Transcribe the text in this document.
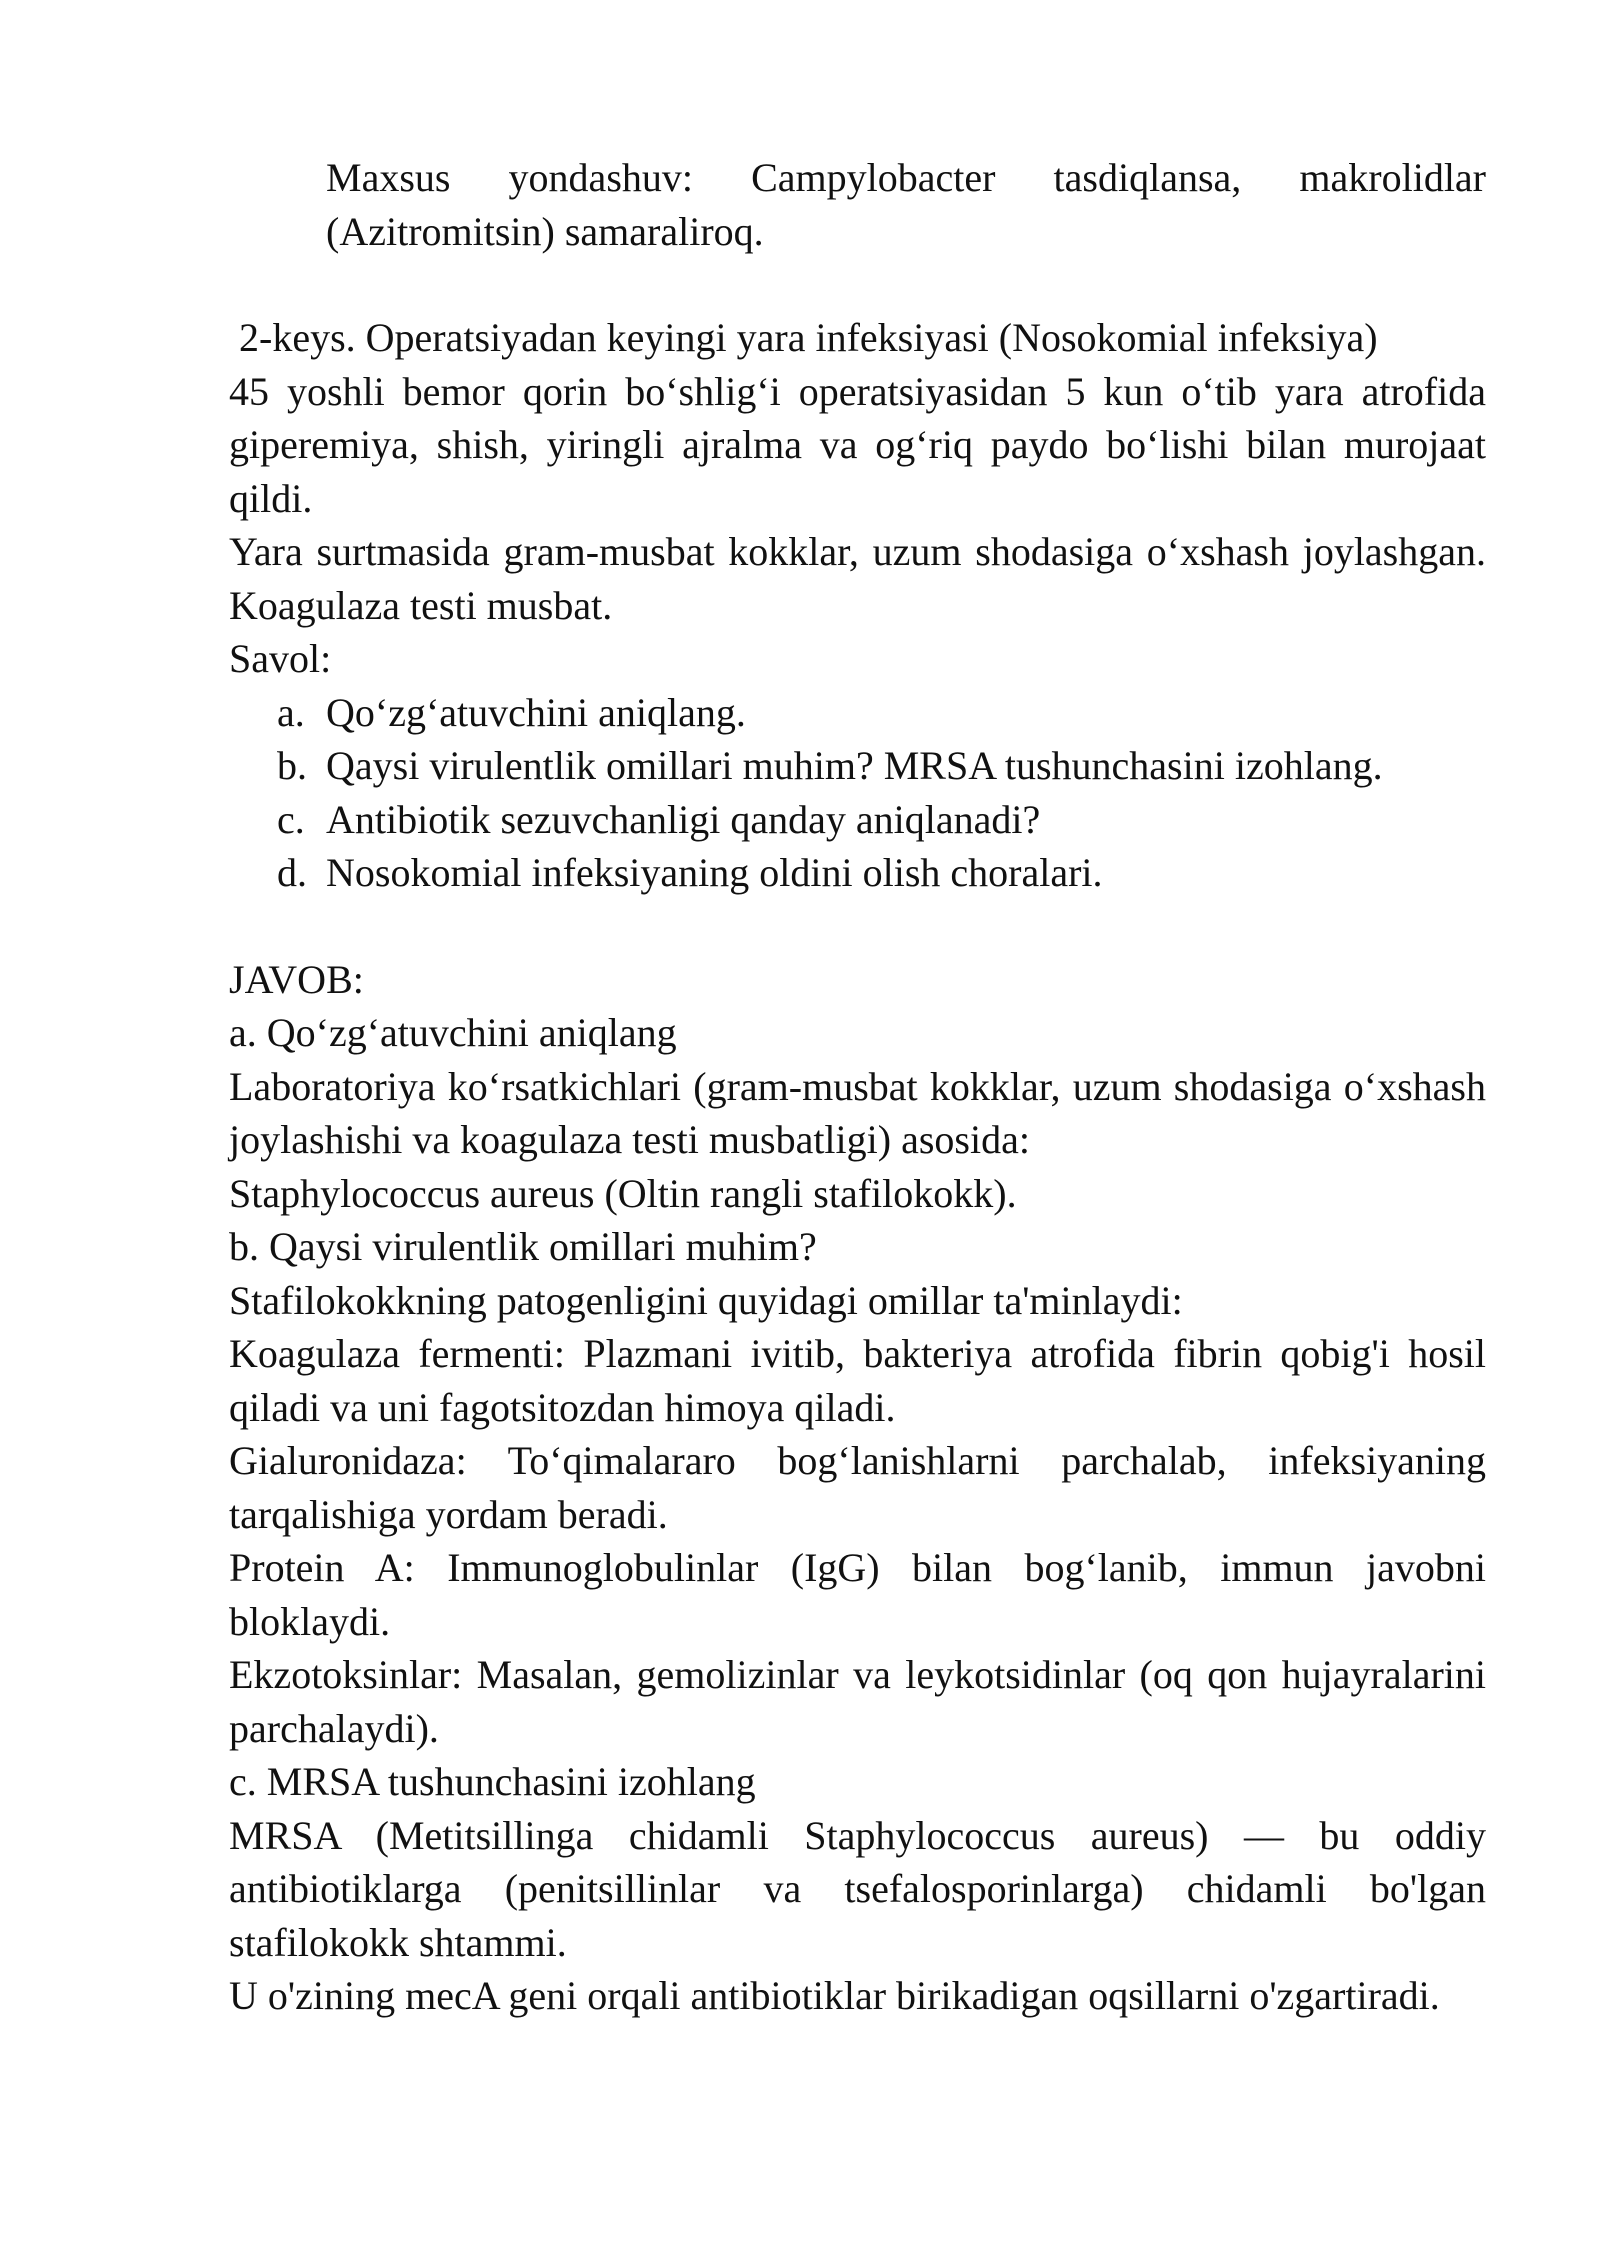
Maxsus yondashuv: Campylobacter tasdiqlansa, makrolidlar (Azitromitsin) samaraliroq.

2-keys. Operatsiyadan keyingi yara infeksiyasi (Nosokomial infeksiya)

45 yoshli bemor qorin bo‘shlig‘i operatsiyasidan 5 kun o‘tib yara atrofida giperemiya, shish, yiringli ajralma va og‘riq paydo bo‘lishi bilan murojaat qildi.

Yara surtmasida gram-musbat kokklar, uzum shodasiga o‘xshash joylashgan. Koagulaza testi musbat.

Savol:

a. Qo‘zg‘atuvchini aniqlang.
b. Qaysi virulentlik omillari muhim? MRSA tushunchasini izohlang.
c. Antibiotik sezuvchanligi qanday aniqlanadi?
d. Nosokomial infeksiyaning oldini olish choralari.

JAVOB:

a. Qo‘zg‘atuvchini aniqlang

Laboratoriya ko‘rsatkichlari (gram-musbat kokklar, uzum shodasiga o‘xshash joylashishi va koagulaza testi musbatligi) asosida:

Staphylococcus aureus (Oltin rangli stafilokokk).

b. Qaysi virulentlik omillari muhim?

Stafilokokkning patogenligini quyidagi omillar ta'minlaydi:

Koagulaza fermenti: Plazmani ivitib, bakteriya atrofida fibrin qobig'i hosil qiladi va uni fagotsitozdan himoya qiladi.

Gialuronidaza: To‘qimalararo bog‘lanishlarni parchalab, infeksiyaning tarqalishiga yordam beradi.

Protein A: Immunoglobulinlar (IgG) bilan bog‘lanib, immun javobni bloklaydi.

Ekzotoksinlar: Masalan, gemolizinlar va leykotsidinlar (oq qon hujayralarini parchalaydi).

c. MRSA tushunchasini izohlang

MRSA (Metitsillinga chidamli Staphylococcus aureus) — bu oddiy antibiotiklarga (penitsillinlar va tsefalosporinlarga) chidamli bo'lgan stafilokokk shtammi.

U o'zining mecA geni orqali antibiotiklar birikadigan oqsillarni o'zgartiradi.
